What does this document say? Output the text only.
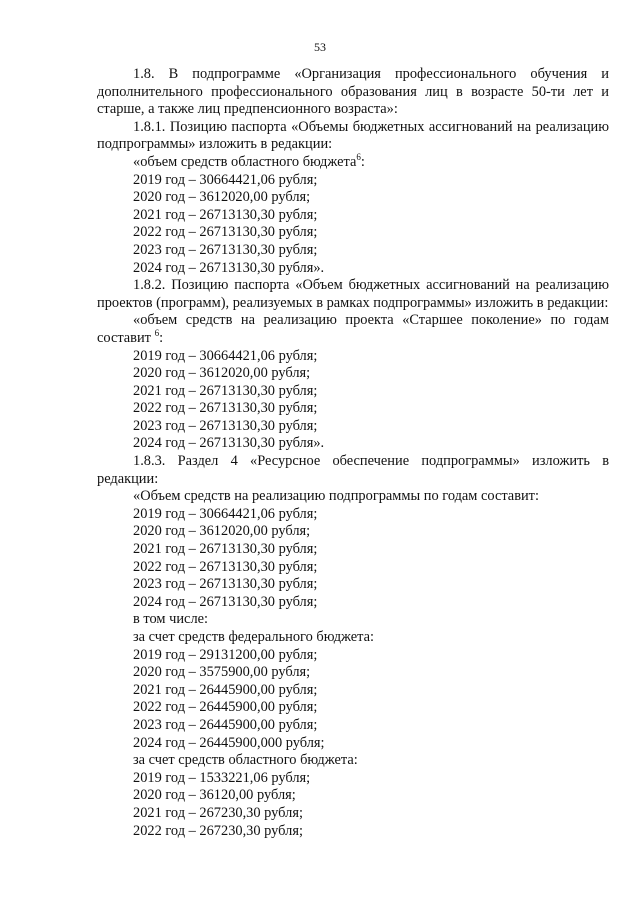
53

1.8. В подпрограмме «Организация профессионального обучения и дополнительного профессионального образования лиц в возрасте 50-ти лет и старше, а также лиц предпенсионного возраста»:

1.8.1. Позицию паспорта «Объемы бюджетных ассигнований на реализацию подпрограммы» изложить в редакции:

«объем средств областного бюджета$^6$:

2019 год – 30664421,06 рубля;

2020 год – 3612020,00 рубля;

2021 год – 26713130,30 рубля;

2022 год – 26713130,30 рубля;

2023 год – 26713130,30 рубля;

2024 год – 26713130,30 рубля».

1.8.2. Позицию паспорта «Объем бюджетных ассигнований на реализацию проектов (программ), реализуемых в рамках подпрограммы» изложить в редакции:

«объем средств на реализацию проекта «Старшее поколение» по годам составит $^6$:

2019 год – 30664421,06 рубля;

2020 год – 3612020,00 рубля;

2021 год – 26713130,30 рубля;

2022 год – 26713130,30 рубля;

2023 год – 26713130,30 рубля;

2024 год – 26713130,30 рубля».

1.8.3. Раздел 4 «Ресурсное обеспечение подпрограммы» изложить в редакции:

«Объем средств на реализацию подпрограммы по годам составит:

2019 год – 30664421,06 рубля;

2020 год – 3612020,00 рубля;

2021 год – 26713130,30 рубля;

2022 год – 26713130,30 рубля;

2023 год – 26713130,30 рубля;

2024 год – 26713130,30 рубля;

в том числе:

за счет средств федерального бюджета:

2019 год – 29131200,00 рубля;

2020 год – 3575900,00 рубля;

2021 год – 26445900,00 рубля;

2022 год – 26445900,00 рубля;

2023 год – 26445900,00 рубля;

2024 год – 26445900,000 рубля;

за счет средств областного бюджета:

2019 год – 1533221,06 рубля;

2020 год – 36120,00 рубля;

2021 год – 267230,30 рубля;

2022 год – 267230,30 рубля;
